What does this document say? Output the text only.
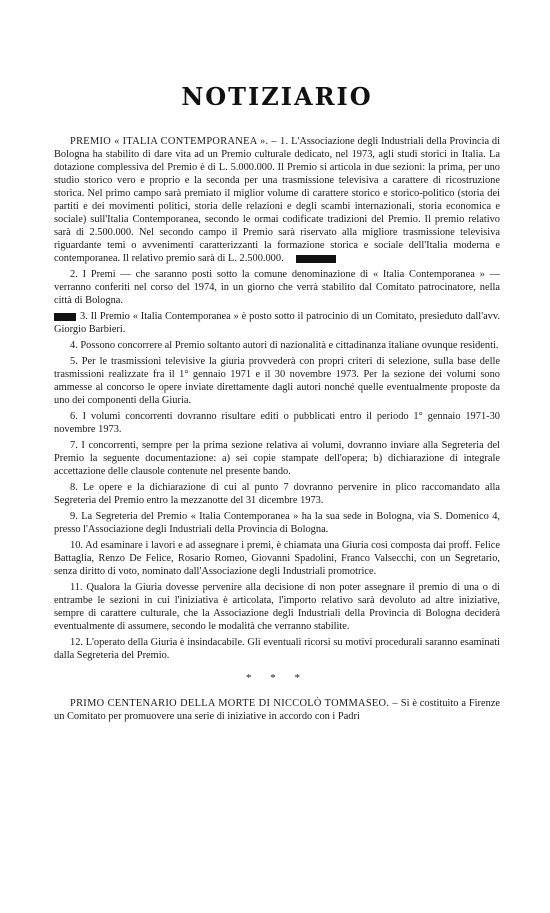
NOTIZIARIO

PREMIO « ITALIA CONTEMPORANEA ». – 1. L'Associazione degli Industriali della Provincia di Bologna ha stabilito di dare vita ad un Premio culturale dedicato, nel 1973, agli studi storici in Italia. La dotazione complessiva del Premio è di L. 5.000.000. Il Premio si articola in due sezioni: la prima, per uno studio storico vero e proprio e la seconda per una trasmissione televisiva a carattere di ricostruzione storica. Nel primo campo sarà premiato il miglior volume di carattere storico e storico-politico (storia dei partiti e dei movimenti politici, storia delle relazioni e degli scambi internazionali, storia economica e sociale) sull'Italia Contemporanea, secondo le ormai codificate tradizioni del Premio. Il premio relativo sarà di 2.500.000. Nel secondo campo il Premio sarà riservato alla migliore trasmissione televisiva riguardante temi o avvenimenti caratterizzanti la formazione storica e sociale dell'Italia moderna e contemporanea. Il relativo premio sarà di L. 2.500.000.

2. I Premi — che saranno posti sotto la comune denominazione di « Italia Contemporanea » — verranno conferiti nel corso del 1974, in un giorno che verrà stabilito dal Comitato patrocinatore, nella città di Bologna.

3. Il Premio « Italia Contemporanea » è posto sotto il patrocinio di un Comitato, presieduto dall'avv. Giorgio Barbieri.

4. Possono concorrere al Premio soltanto autori di nazionalità e cittadinanza italiane ovunque residenti.

5. Per le trasmissioni televisive la giuria provvederà con propri criteri di selezione, sulla base delle trasmissioni realizzate fra il 1° gennaio 1971 e il 30 novembre 1973. Per la sezione dei volumi sono ammesse al concorso le opere inviate direttamente dagli autori nonché quelle eventualmente proposte da uno dei componenti della Giuria.

6. I volumi concorrenti dovranno risultare editi o pubblicati entro il periodo 1° gennaio 1971-30 novembre 1973.

7. I concorrenti, sempre per la prima sezione relativa ai volumi, dovranno inviare alla Segreteria del Premio la seguente documentazione: a) sei copie stampate dell'opera; b) dichiarazione di integrale accettazione delle clausole contenute nel presente bando.

8. Le opere e la dichiarazione di cui al punto 7 dovranno pervenire in plico raccomandato alla Segreteria del Premio entro la mezzanotte del 31 dicembre 1973.

9. La Segreteria del Premio « Italia Contemporanea » ha la sua sede in Bologna, via S. Domenico 4, presso l'Associazione degli Industriali della Provincia di Bologna.

10. Ad esaminare i lavori e ad assegnare i premi, è chiamata una Giuria così composta dai proff. Felice Battaglia, Renzo De Felice, Rosario Romeo, Giovanni Spadolini, Franco Valsecchi, con un Segretario, senza diritto di voto, nominato dall'Associazione degli Industriali promotrice.

11. Qualora la Giuria dovesse pervenire alla decisione di non poter assegnare il premio di una o di entrambe le sezioni in cui l'iniziativa è articolata, l'importo relativo sarà devoluto ad altre iniziative, sempre di carattere culturale, che la Associazione degli Industriali della Provincia di Bologna deciderà eventualmente di assumere, secondo le modalità che verranno stabilite.

12. L'operato della Giuria è insindacabile. Gli eventuali ricorsi su motivi procedurali saranno esaminati dalla Segreteria del Premio.

* * *

PRIMO CENTENARIO DELLA MORTE DI NICCOLÒ TOMMASEO. – Si è costituito a Firenze un Comitato per promuovere una serie di iniziative in accordo con i Padri
